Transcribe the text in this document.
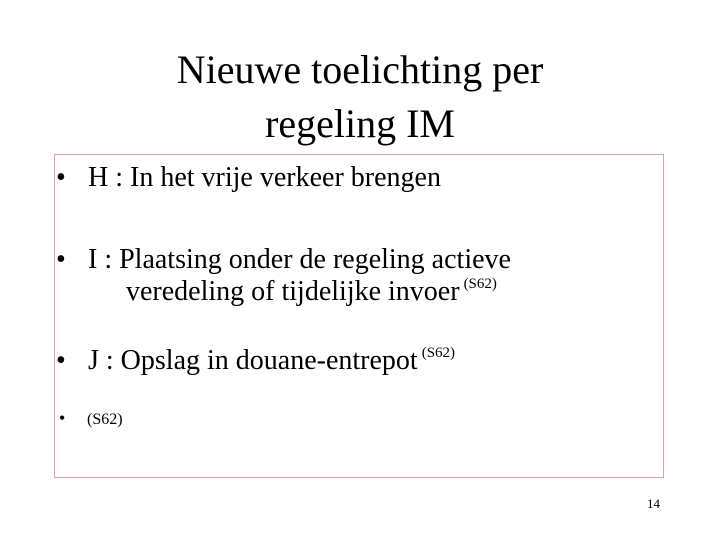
Nieuwe toelichting per
regeling IM
• H : In het vrije verkeer brengen
• I : Plaatsing onder de regeling actieve
veredeling of tijdelijke invoer $^{(S62)}$
• J : Opslag in douane-entrepot $^{(S62)}$
• (S62)
14
